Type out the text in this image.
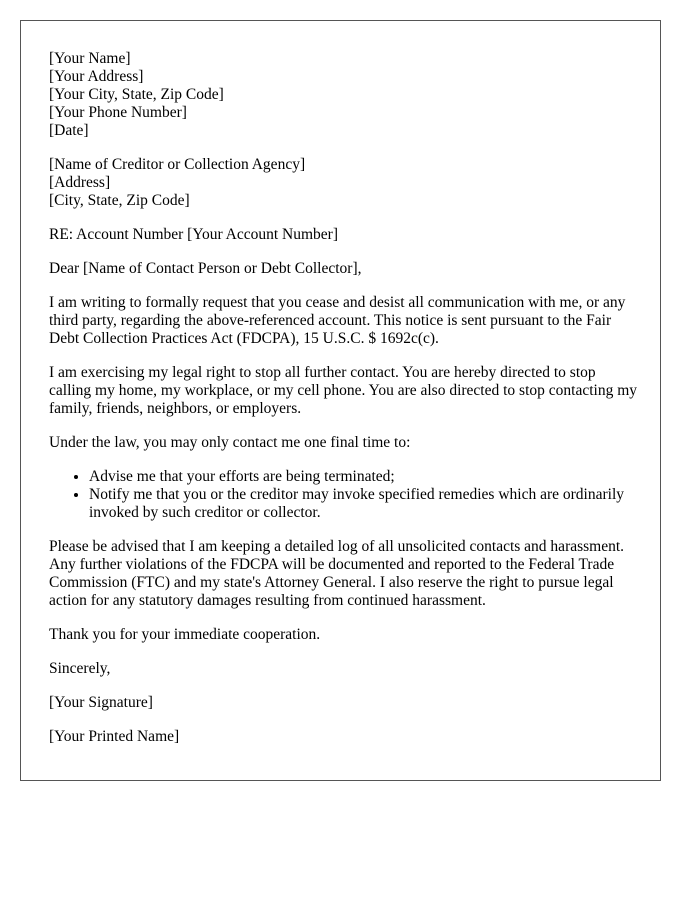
[Your Name]
[Your Address]
[Your City, State, Zip Code]
[Your Phone Number]
[Date]

[Name of Creditor or Collection Agency]
[Address]
[City, State, Zip Code]

RE: Account Number [Your Account Number]

Dear [Name of Contact Person or Debt Collector],

I am writing to formally request that you cease and desist all communication with me, or any third party, regarding the above-referenced account. This notice is sent pursuant to the Fair Debt Collection Practices Act (FDCPA), 15 U.S.C. $ 1692c(c).

I am exercising my legal right to stop all further contact. You are hereby directed to stop calling my home, my workplace, or my cell phone. You are also directed to stop contacting my family, friends, neighbors, or employers.

Under the law, you may only contact me one final time to:

• Advise me that your efforts are being terminated;
• Notify me that you or the creditor may invoke specified remedies which are ordinarily invoked by such creditor or collector.

Please be advised that I am keeping a detailed log of all unsolicited contacts and harassment. Any further violations of the FDCPA will be documented and reported to the Federal Trade Commission (FTC) and my state's Attorney General. I also reserve the right to pursue legal action for any statutory damages resulting from continued harassment.

Thank you for your immediate cooperation.

Sincerely,

[Your Signature]

[Your Printed Name]
